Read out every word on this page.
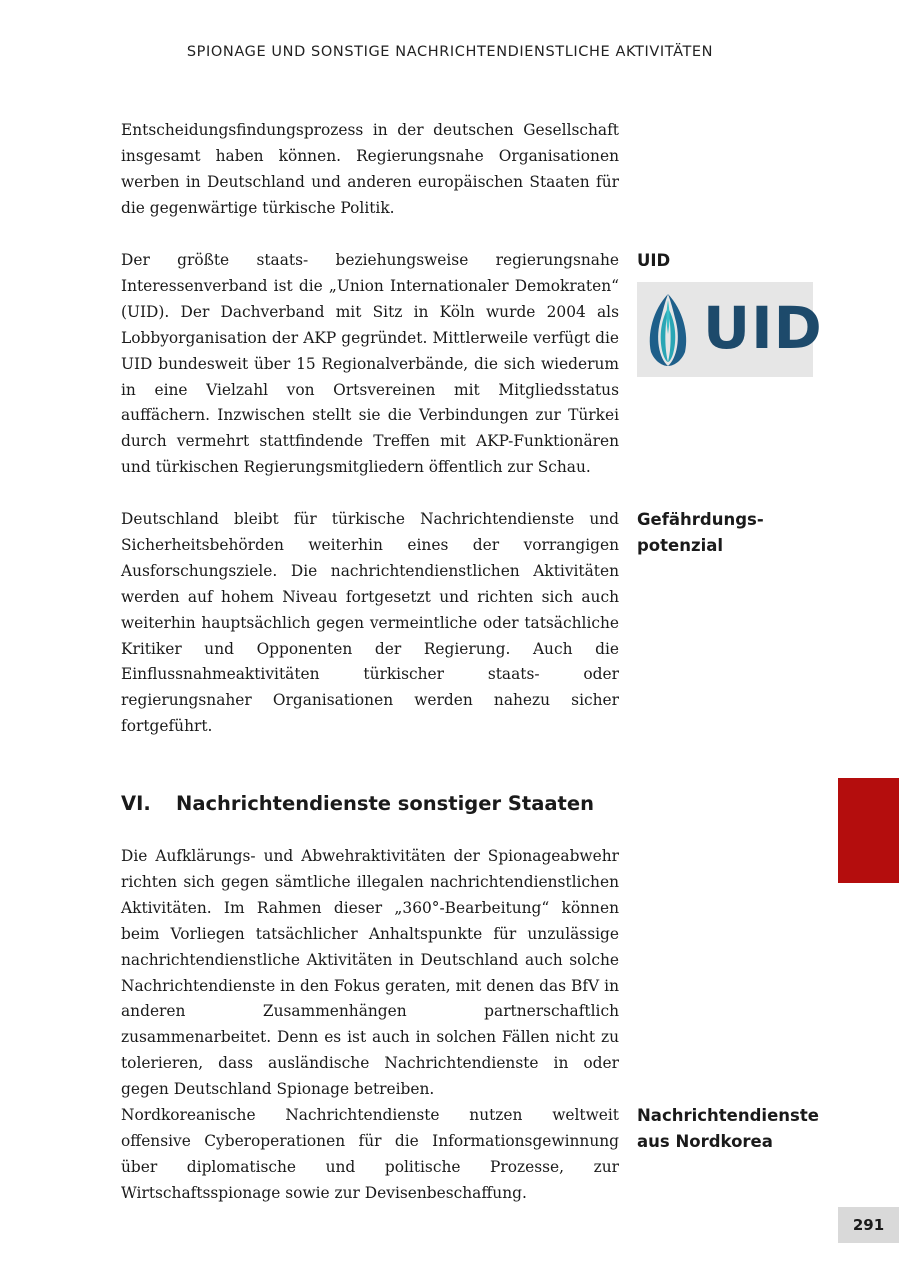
SPIONAGE UND SONSTIGE NACHRICHTENDIENSTLICHE AKTIVITÄTEN

Entscheidungsfindungsprozess in der deutschen Gesellschaft insgesamt haben können. Regierungsnahe Organisationen werben in Deutschland und anderen europäischen Staaten für die gegenwärtige türkische Politik.

Der größte staats- beziehungsweise regierungsnahe Interessenverband ist die „Union Internationaler Demokraten“ (UID). Der Dachverband mit Sitz in Köln wurde 2004 als Lobbyorganisation der AKP gegründet. Mittlerweile verfügt die UID bundesweit über 15 Regionalverbände, die sich wiederum in eine Vielzahl von Ortsvereinen mit Mitgliedsstatus auffächern. Inzwischen stellt sie die Verbindungen zur Türkei durch vermehrt stattfindende Treffen mit AKP-Funktionären und türkischen Regierungsmitgliedern öffentlich zur Schau.

UID
UID

Deutschland bleibt für türkische Nachrichtendienste und Sicherheitsbehörden weiterhin eines der vorrangigen Ausforschungsziele. Die nachrichtendienstlichen Aktivitäten werden auf hohem Niveau fortgesetzt und richten sich auch weiterhin hauptsächlich gegen vermeintliche oder tatsächliche Kritiker und Opponenten der Regierung. Auch die Einflussnahmeaktivitäten türkischer staats- oder regierungsnaher Organisationen werden nahezu sicher fortgeführt.

Gefährdungs-
potenzial
VI. Nachrichtendienste sonstiger Staaten

Die Aufklärungs- und Abwehraktivitäten der Spionageabwehr richten sich gegen sämtliche illegalen nachrichtendienstlichen Aktivitäten. Im Rahmen dieser „360°-Bearbeitung“ können beim Vorliegen tatsächlicher Anhaltspunkte für unzulässige nachrichtendienstliche Aktivitäten in Deutschland auch solche Nachrichtendienste in den Fokus geraten, mit denen das BfV in anderen Zusammenhängen partnerschaftlich zusammenarbeitet. Denn es ist auch in solchen Fällen nicht zu tolerieren, dass ausländische Nachrichtendienste in oder gegen Deutschland Spionage betreiben.

Nordkoreanische Nachrichtendienste nutzen weltweit offensive Cyberoperationen für die Informationsgewinnung über diplomatische und politische Prozesse, zur Wirtschaftsspionage sowie zur Devisenbeschaffung.

Nachrichtendienste
aus Nordkorea
291
